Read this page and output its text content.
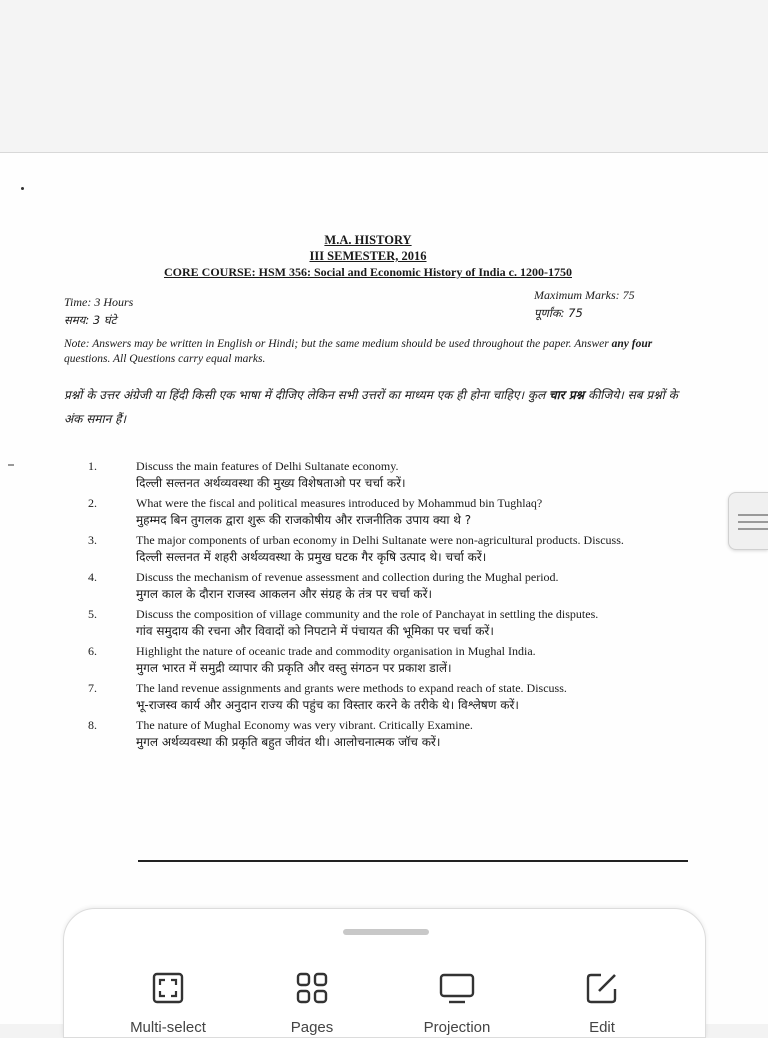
M.A. HISTORY
III SEMESTER, 2016
CORE COURSE: HSM 356: Social and Economic History of India c. 1200-1750
Time: 3 Hours
समय: 3 घंटे
Maximum Marks: 75
पूर्णांक: 75
Note: Answers may be written in English or Hindi; but the same medium should be used throughout the paper. Answer any four questions. All Questions carry equal marks.
प्रश्नों के उत्तर अंग्रेजी या हिंदी किसी एक भाषा में दीजिए लेकिन सभी उत्तरों का माध्यम एक ही होना चाहिए। कुल चार प्रश्न कीजिये। सब प्रश्नों के अंक समान हैं।
1.	Discuss the main features of Delhi Sultanate economy.
दिल्ली सल्तनत अर्थव्यवस्था की मुख्य विशेषताओ पर चर्चा करें।
2.	What were the fiscal and political measures introduced by Mohammud bin Tughlaq?
मुहम्मद बिन तुगलक द्वारा शुरू की राजकोषीय और राजनीतिक उपाय क्या थे ?
3.	The major components of urban economy in Delhi Sultanate were non-agricultural products. Discuss.
दिल्ली सल्तनत में शहरी अर्थव्यवस्था के प्रमुख घटक गैर कृषि उत्पाद थे। चर्चा करें।
4.	Discuss the mechanism of revenue assessment and collection during the Mughal period.
मुगल काल के दौरान राजस्व आकलन और संग्रह के तंत्र पर चर्चा करें।
5.	Discuss the composition of village community and the role of Panchayat in settling the disputes.
गांव समुदाय की रचना और विवादों को निपटाने में पंचायत की भूमिका पर चर्चा करें।
6.	Highlight the nature of oceanic trade and commodity organisation in Mughal India.
मुगल भारत में समुद्री व्यापार की प्रकृति और वस्तु संगठन पर प्रकाश डालें।
7.	The land revenue assignments and grants were methods to expand reach of state. Discuss.
भू-राजस्व कार्य और अनुदान राज्य की पहुंच का विस्तार करने के तरीके थे। विश्लेषण करें।
8.	The nature of Mughal Economy was very vibrant. Critically Examine.
मुगल अर्थव्यवस्था की प्रकृति बहुत जीवंत थी। आलोचनात्मक जॉच करें।
Multi-select	Pages	Projection	Edit
